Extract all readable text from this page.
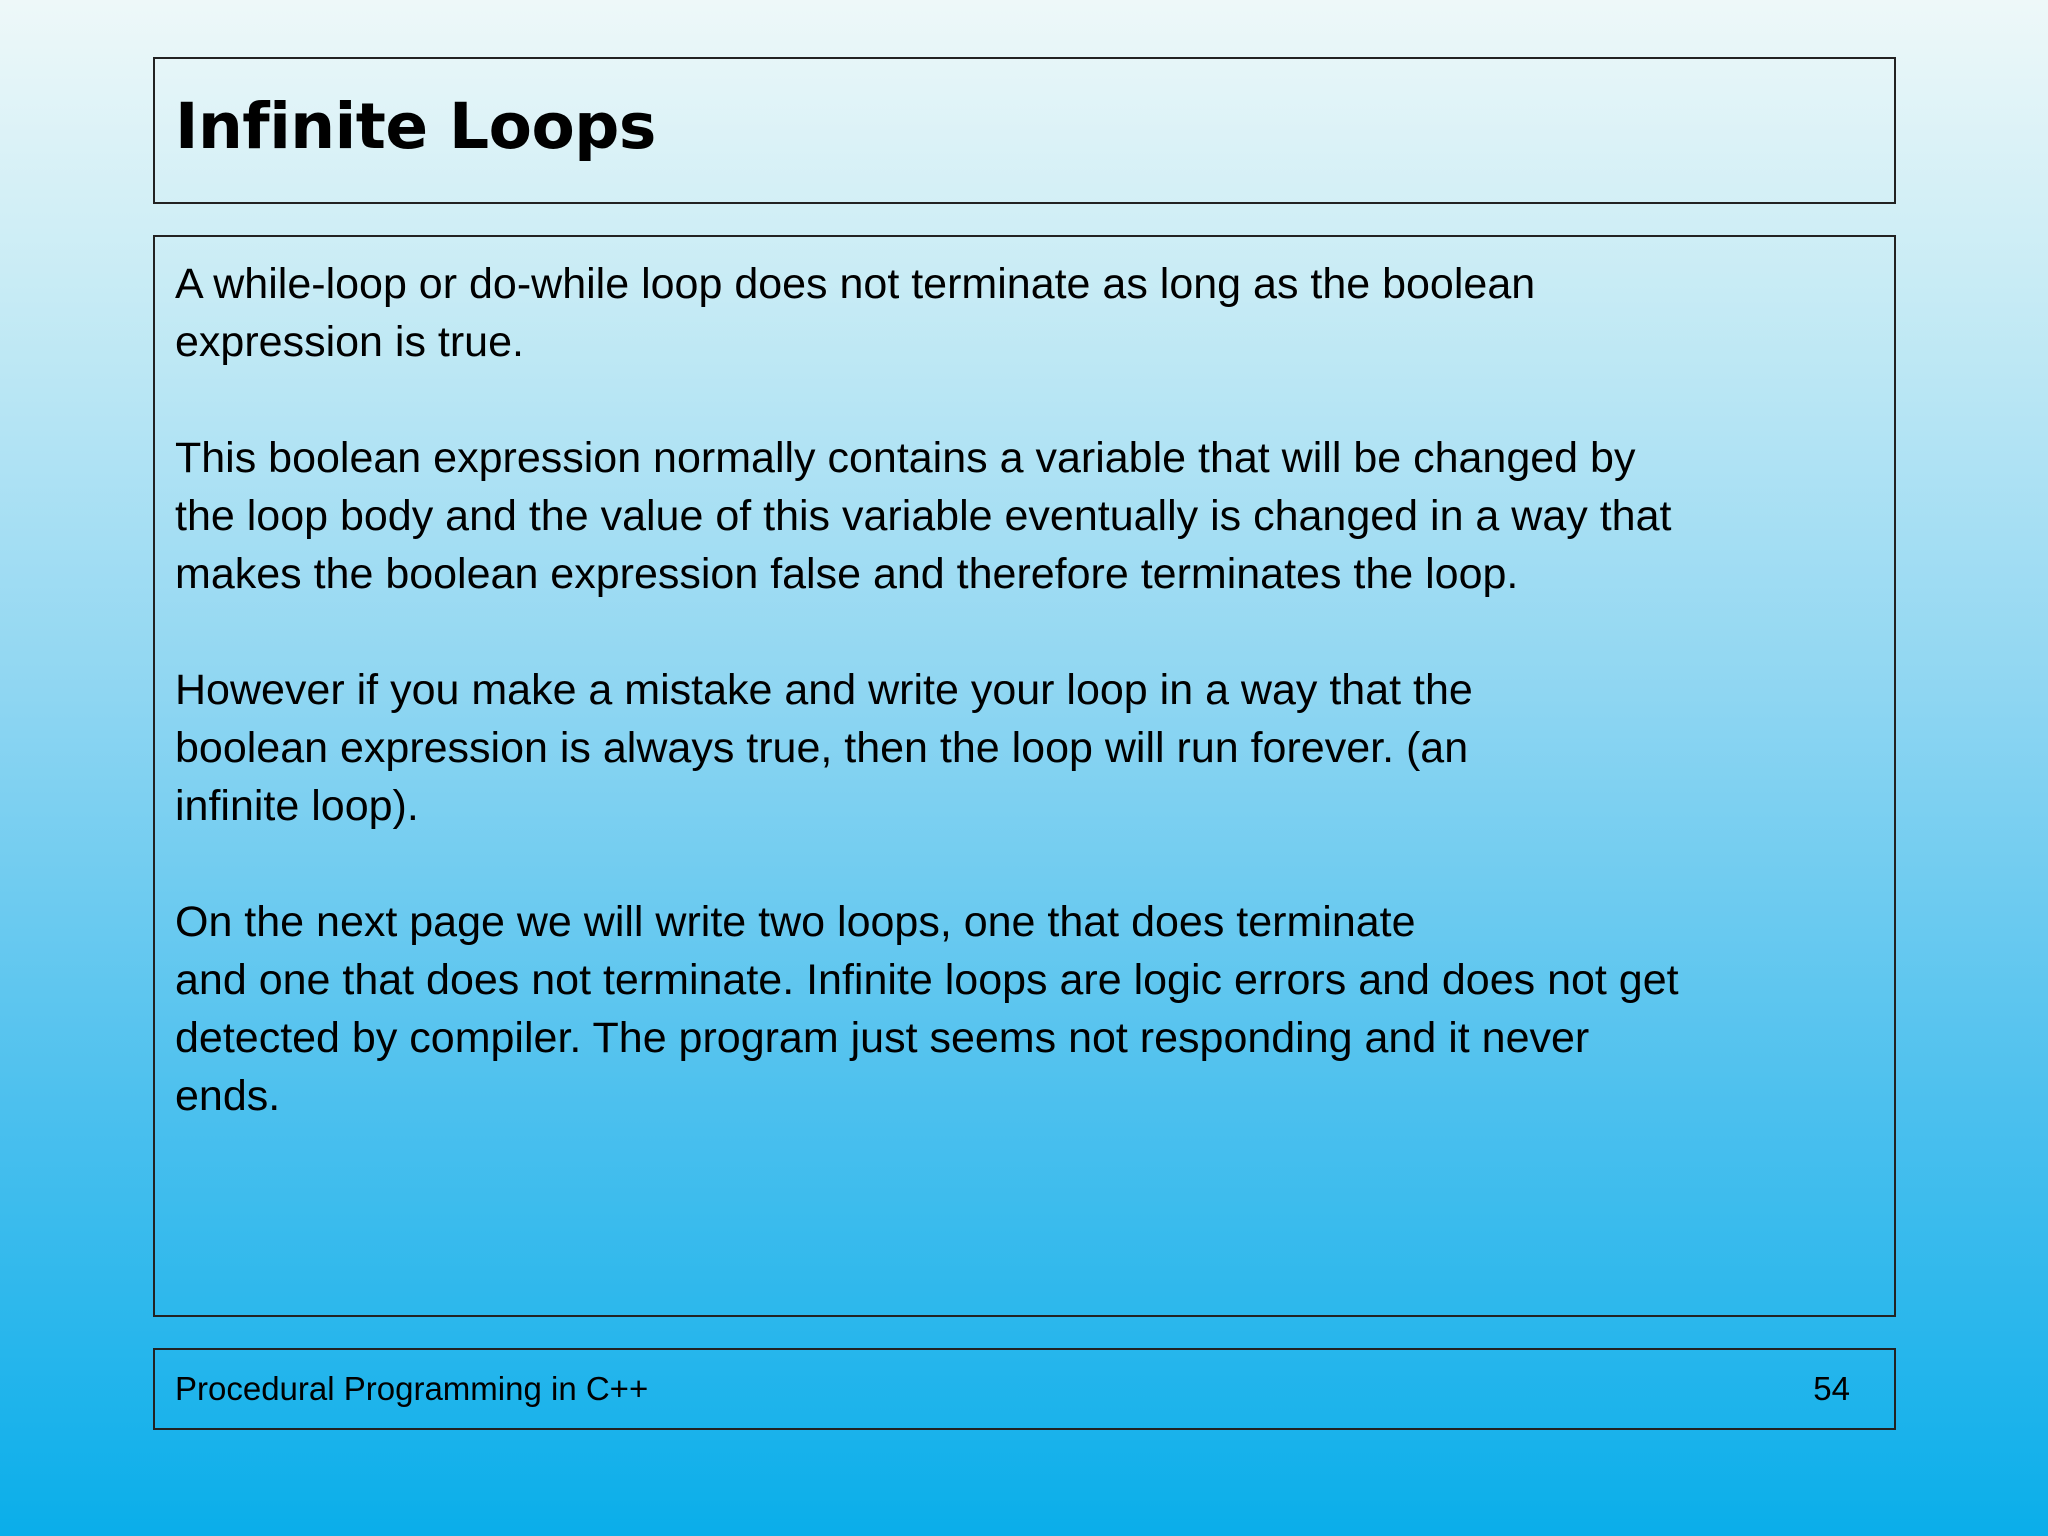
Infinite Loops

A while-loop or do-while loop does not terminate as long as the boolean
expression is true.

This boolean expression normally contains a variable that will be changed by
the loop body and the value of this variable eventually is changed in a way that
makes the boolean expression false and therefore terminates the loop.

However if you make a mistake and write your loop in a way that the
boolean expression is always true, then the loop will run forever. (an
infinite loop).

On the next page we will write two loops, one that does terminate
and one that does not terminate. Infinite loops are logic errors and does not get
detected by compiler. The program just seems not responding and it never
ends.

Procedural Programming in C++	54
